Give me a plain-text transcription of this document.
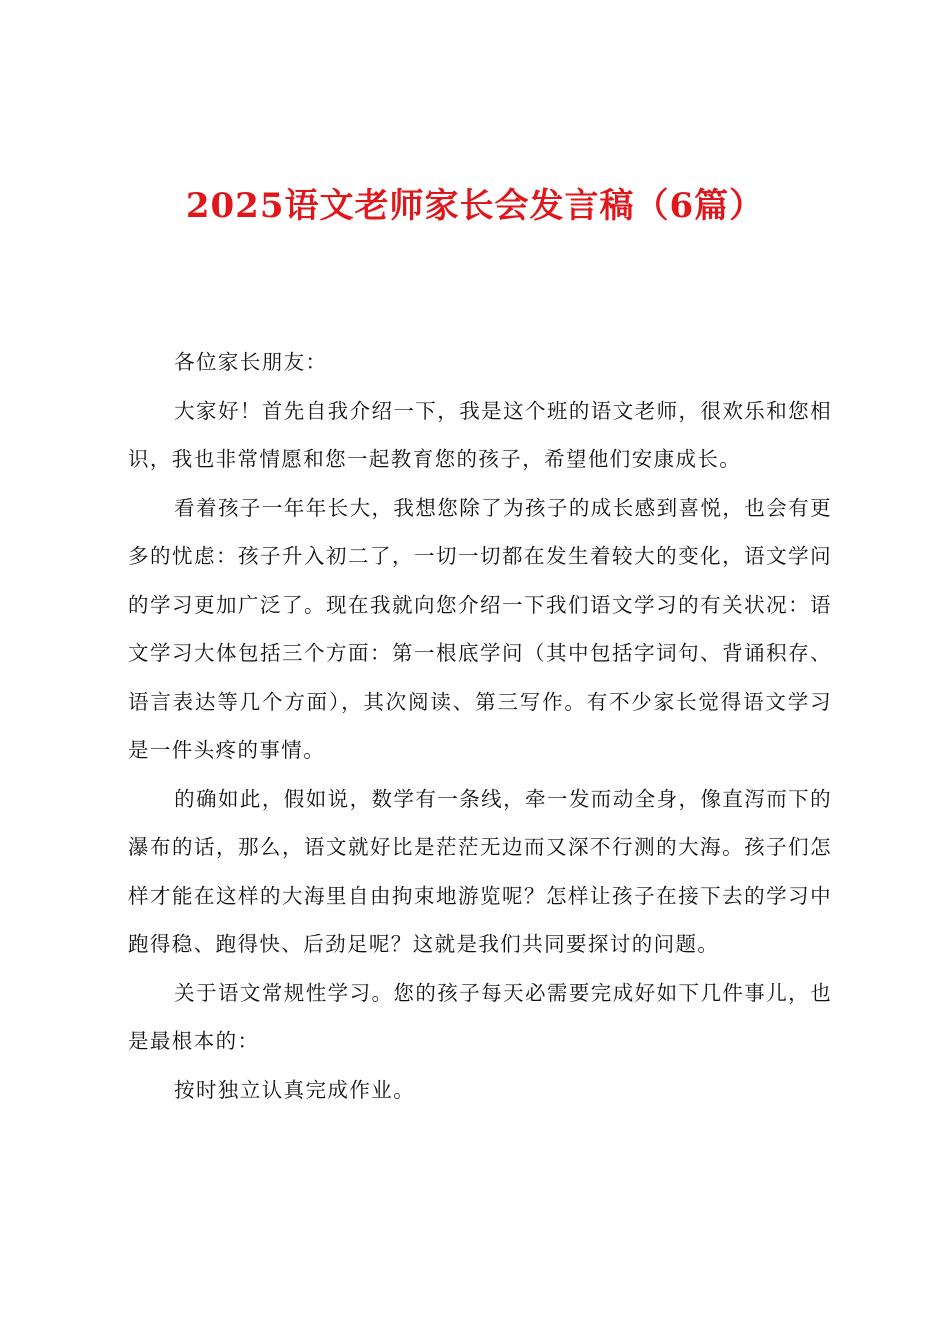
2025语文老师家长会发言稿（6篇）

各位家长朋友：

大家好！首先自我介绍一下，我是这个班的语文老师，很欢乐和您相识，我也非常情愿和您一起教育您的孩子，希望他们安康成长。

看着孩子一年年长大，我想您除了为孩子的成长感到喜悦，也会有更多的忧虑：孩子升入初二了，一切一切都在发生着较大的变化，语文学问的学习更加广泛了。现在我就向您介绍一下我们语文学习的有关状况：语文学习大体包括三个方面：第一根底学问（其中包括字词句、背诵积存、语言表达等几个方面），其次阅读、第三写作。有不少家长觉得语文学习是一件头疼的事情。

的确如此，假如说，数学有一条线，牵一发而动全身，像直泻而下的瀑布的话，那么，语文就好比是茫茫无边而又深不行测的大海。孩子们怎样才能在这样的大海里自由拘束地游览呢？怎样让孩子在接下去的学习中跑得稳、跑得快、后劲足呢？这就是我们共同要探讨的问题。

关于语文常规性学习。您的孩子每天必需要完成好如下几件事儿，也是最根本的：

按时独立认真完成作业。
